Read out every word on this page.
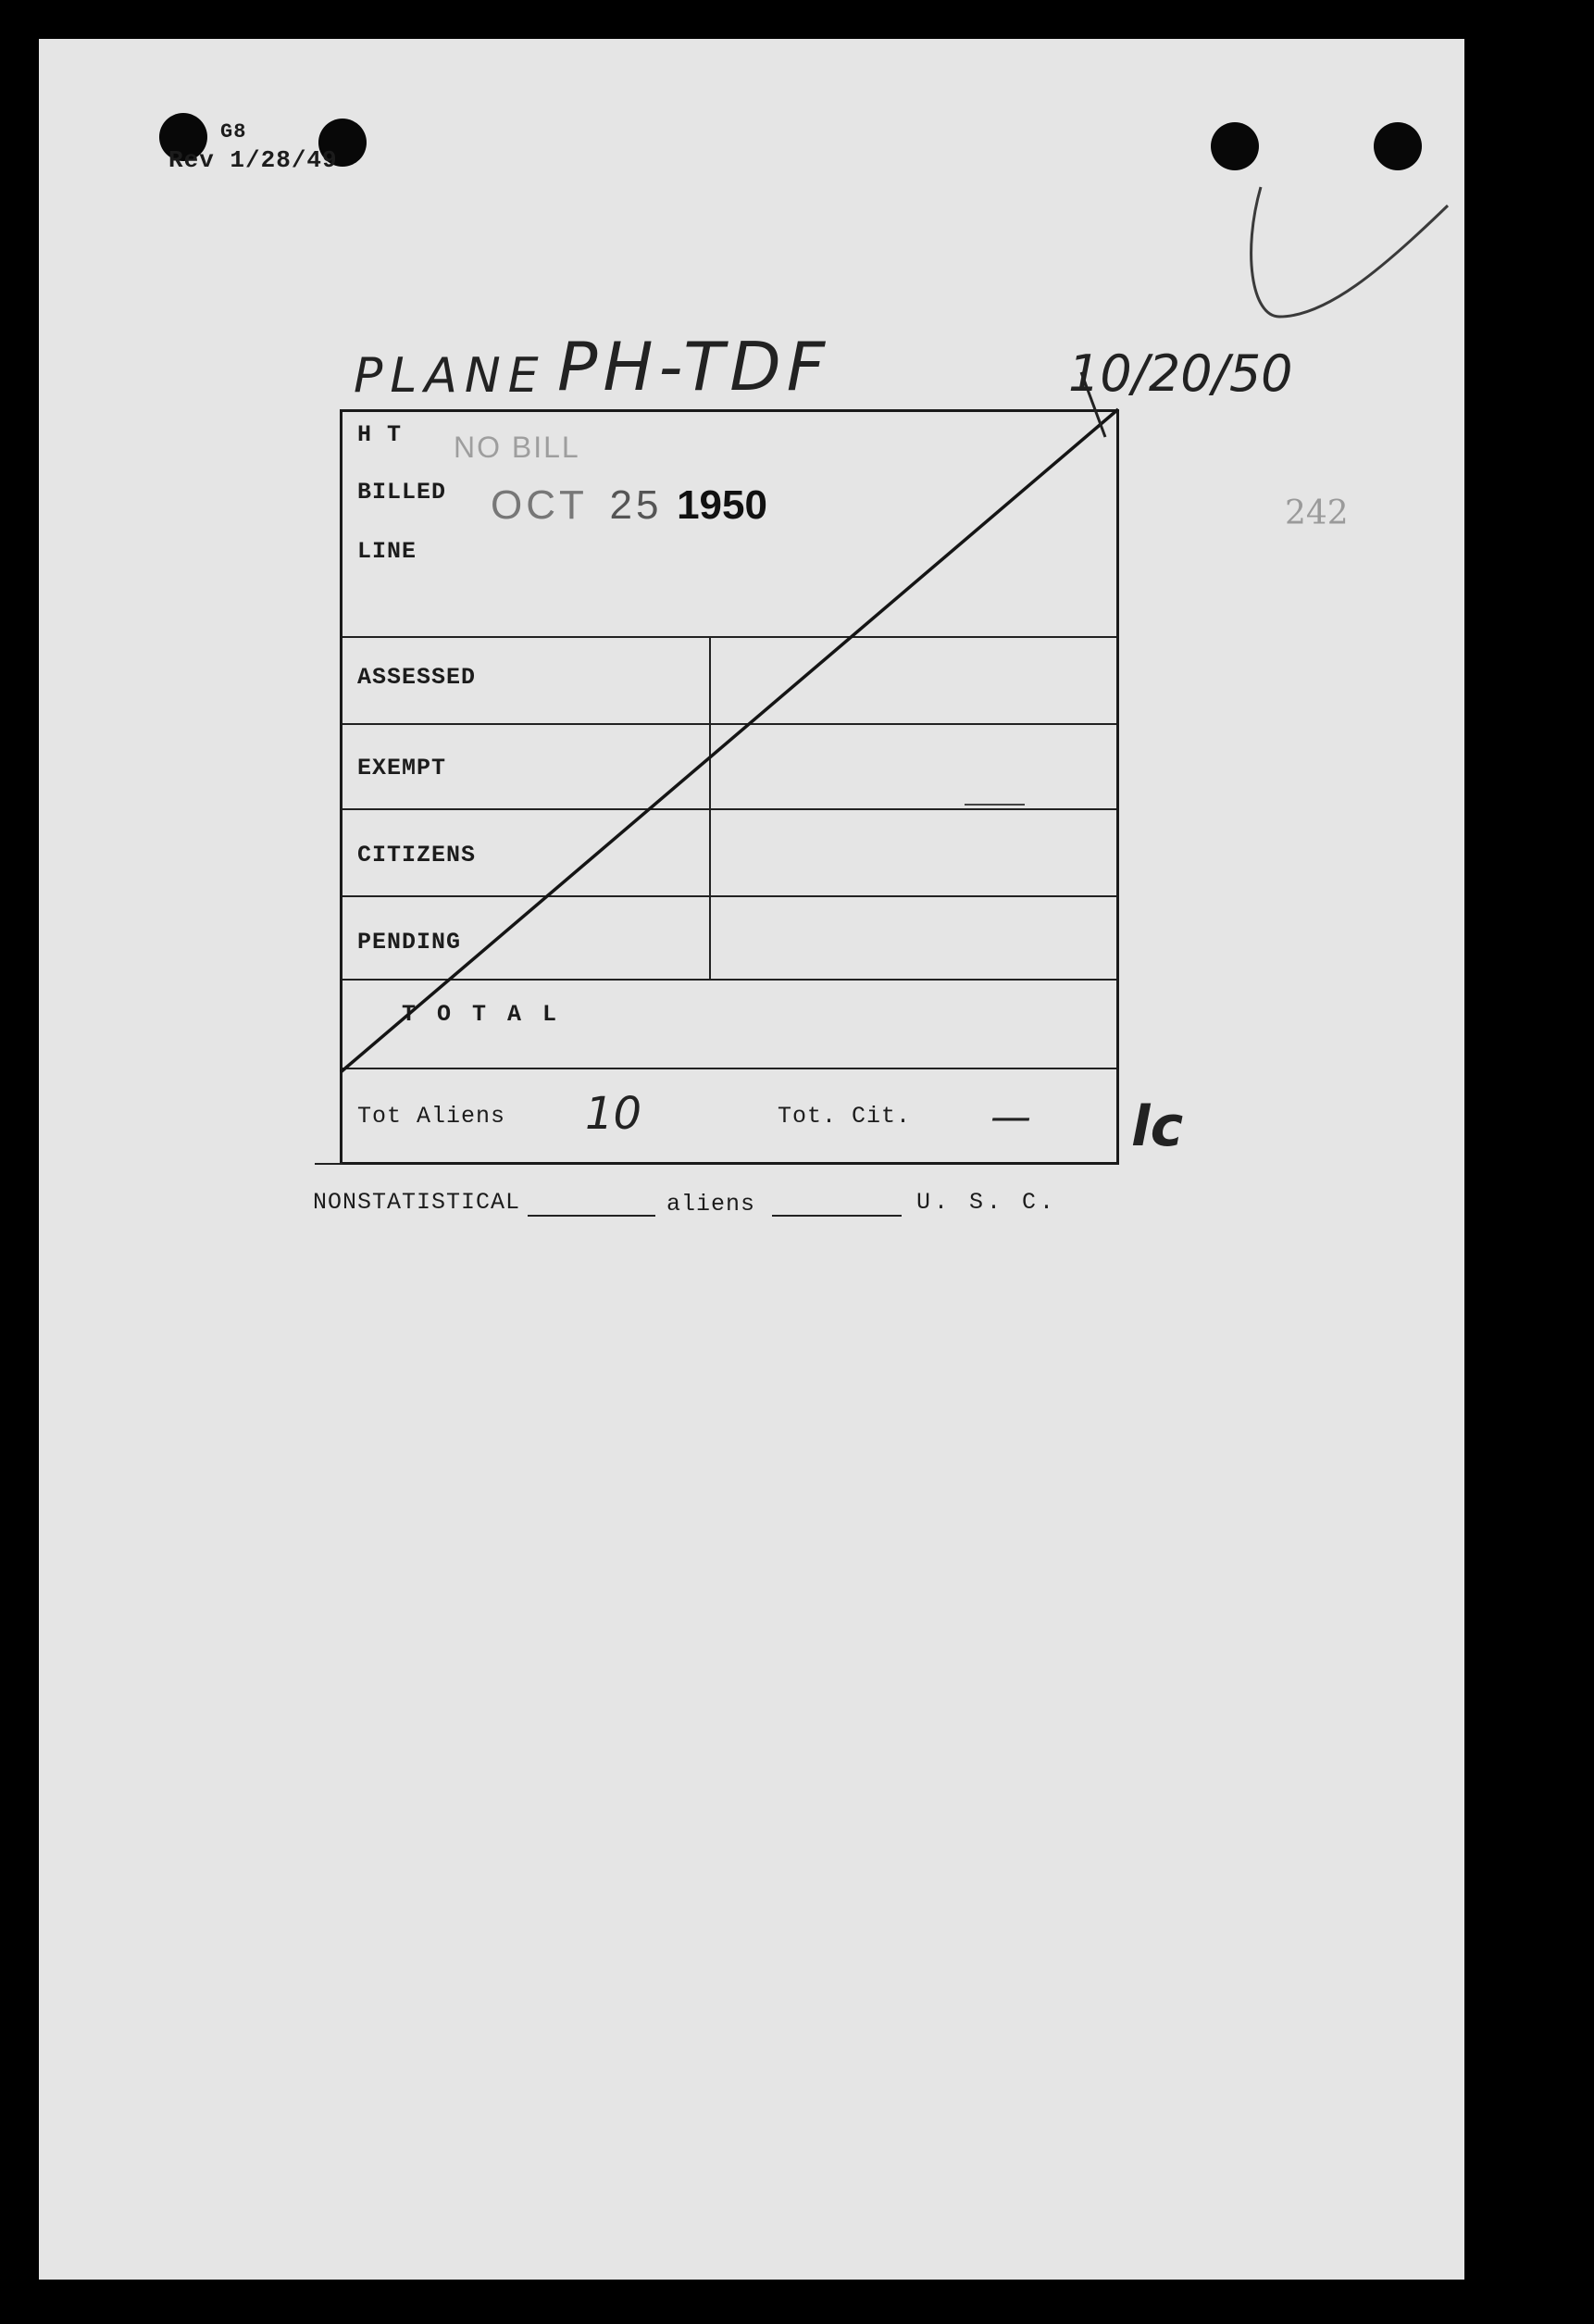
G8
Rev 1/28/49
PLANE PH-TDF	10/20/50
242
H T
BILLED
LINE
NO BILL
OCT 25 1950
ASSESSED
EXEMPT
CITIZENS
PENDING
T O T A L
Tot Aliens 10	Tot. Cit. —
NONSTATISTICAL	aliens	U. S. C.
lc
